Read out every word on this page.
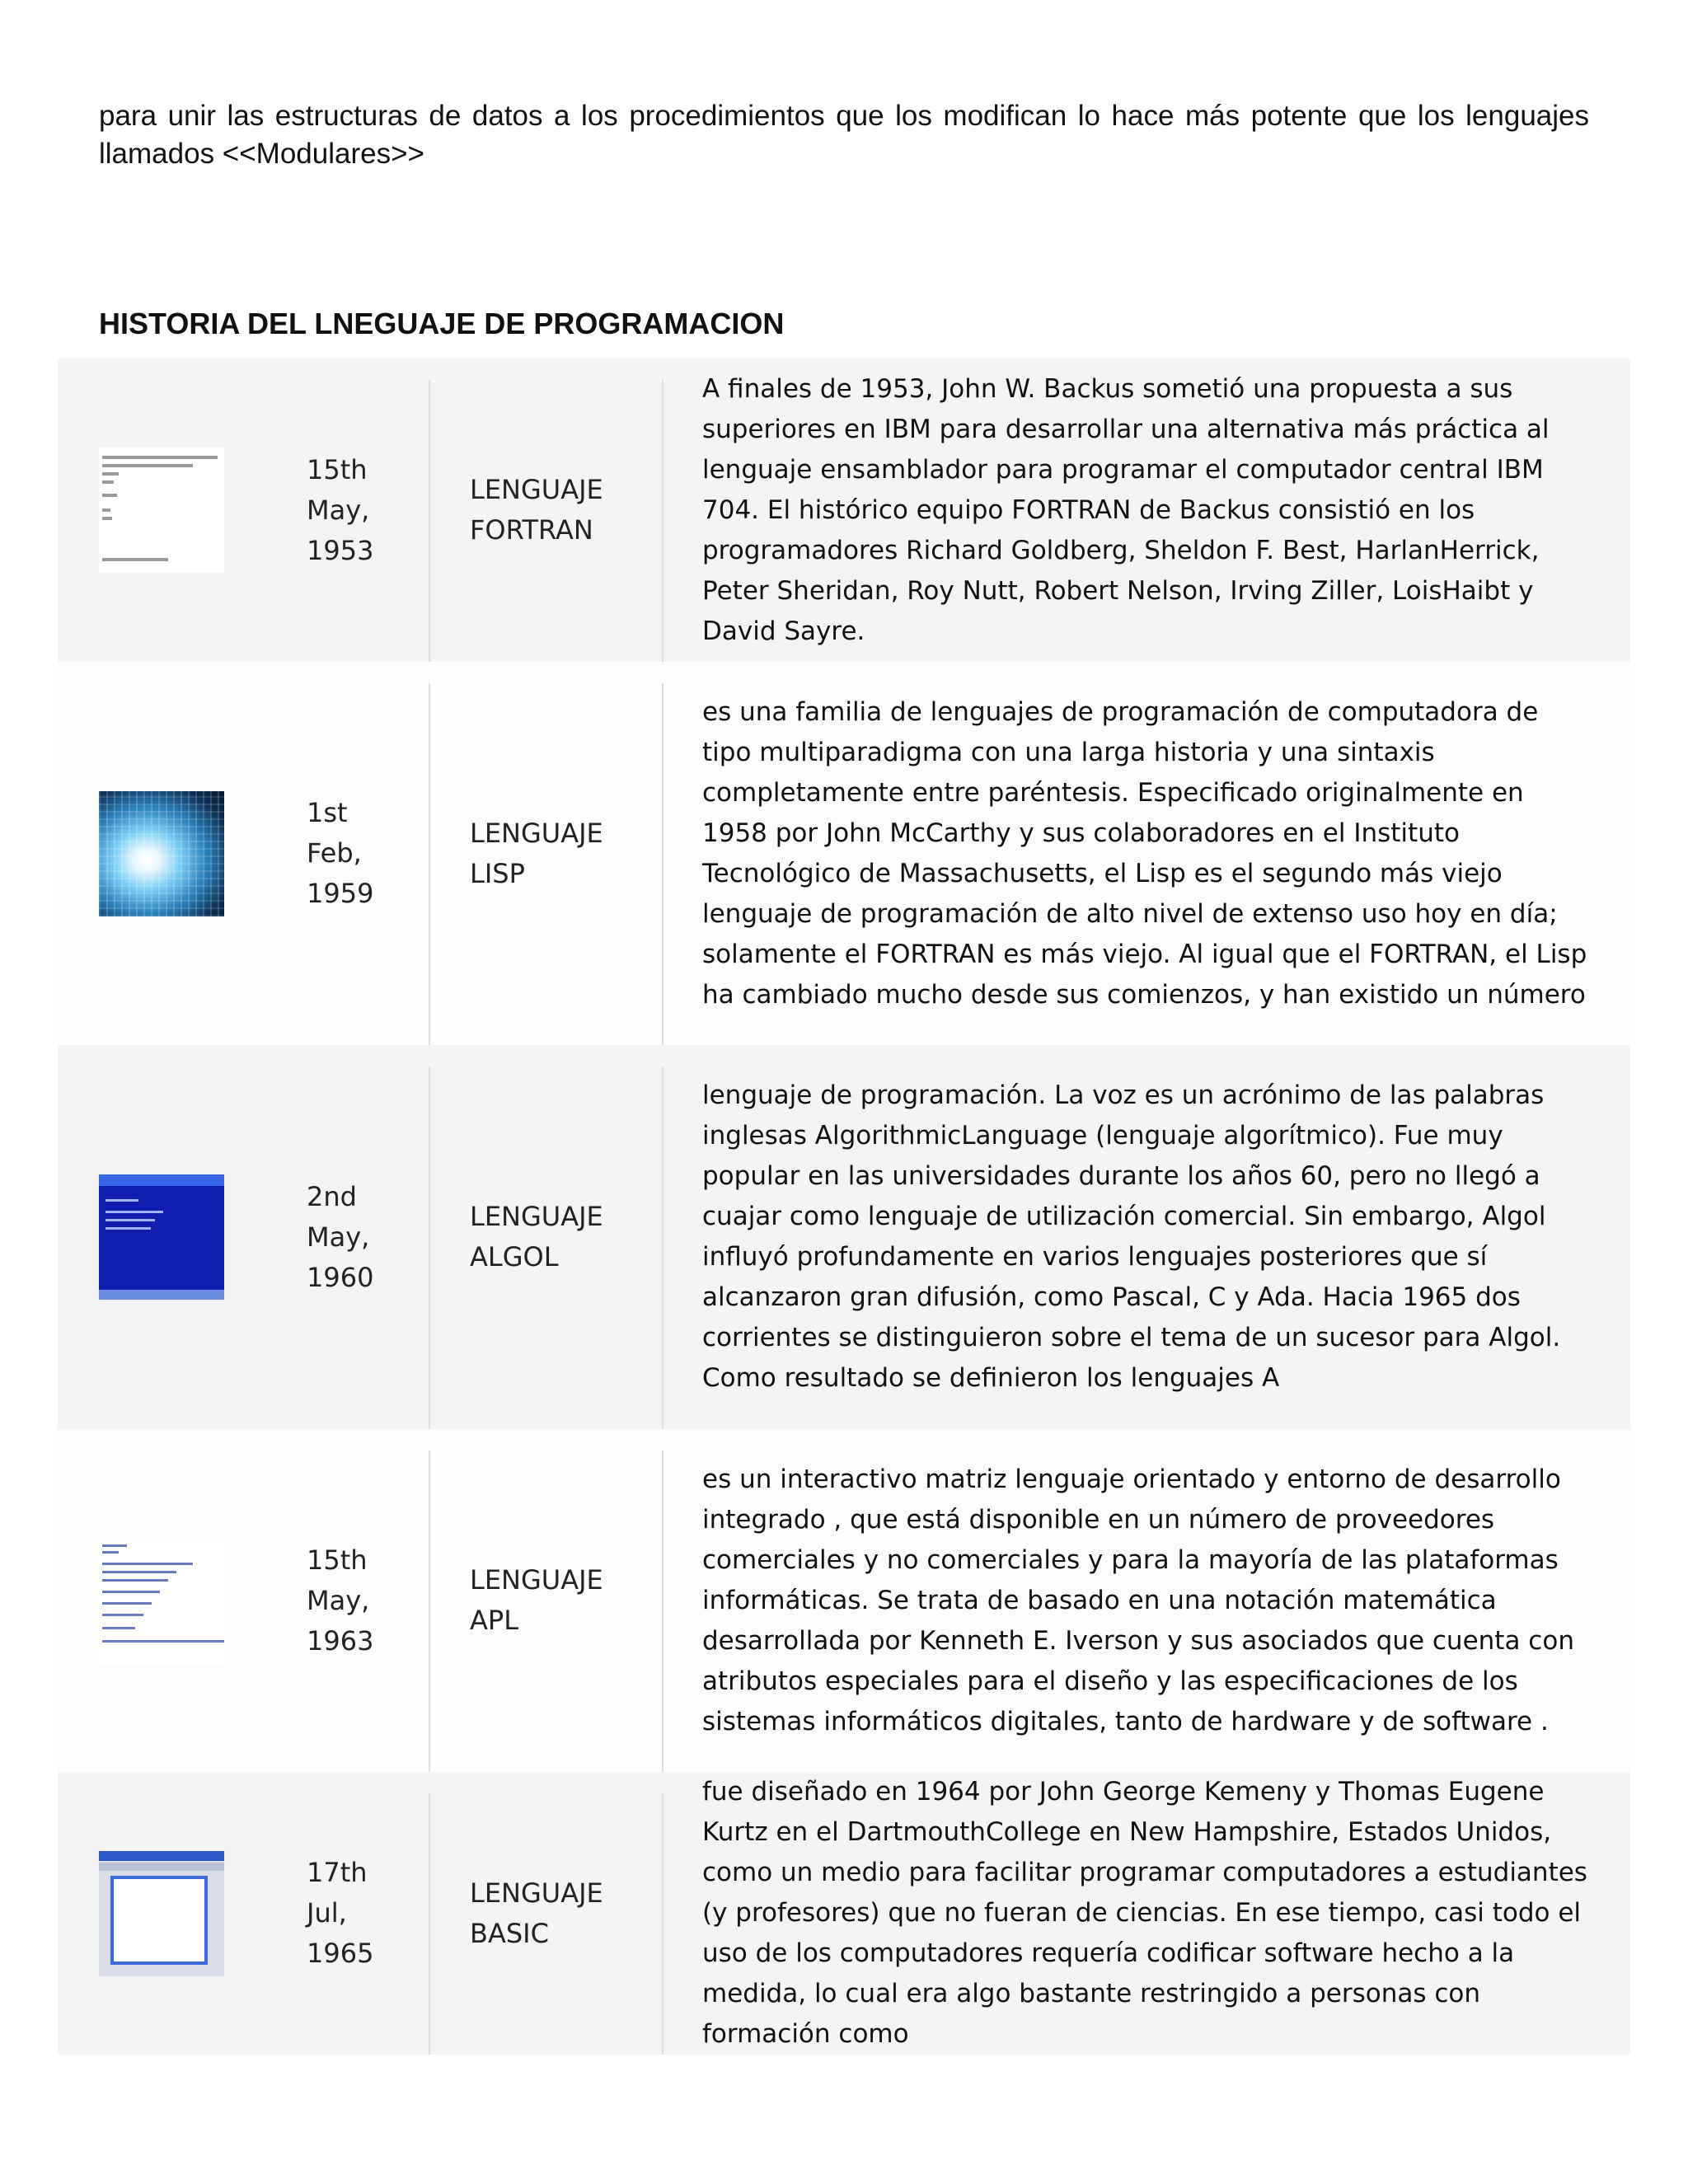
para unir las estructuras de datos a los procedimientos que los modifican lo hace más potente que los lenguajes llamados <<Modulares>>
HISTORIA DEL LNEGUAJE DE PROGRAMACION
15th
May,
1953
LENGUAJE
FORTRAN
A finales de 1953, John W. Backus sometió una propuesta a sus superiores en IBM para desarrollar una alternativa más práctica al lenguaje ensamblador para programar el computador central IBM 704. El histórico equipo FORTRAN de Backus consistió en los programadores Richard Goldberg, Sheldon F. Best, HarlanHerrick, Peter Sheridan, Roy Nutt, Robert Nelson, Irving Ziller, LoisHaibt y David Sayre.
1st
Feb,
1959
LENGUAJE
LISP
es una familia de lenguajes de programación de computadora de tipo multiparadigma con una larga historia y una sintaxis completamente entre paréntesis. Especificado originalmente en 1958 por John McCarthy y sus colaboradores en el Instituto Tecnológico de Massachusetts, el Lisp es el segundo más viejo lenguaje de programación de alto nivel de extenso uso hoy en día; solamente el FORTRAN es más viejo. Al igual que el FORTRAN, el Lisp ha cambiado mucho desde sus comienzos, y han existido un número
2nd
May,
1960
LENGUAJE
ALGOL
lenguaje de programación. La voz es un acrónimo de las palabras inglesas AlgorithmicLanguage (lenguaje algorítmico). Fue muy popular en las universidades durante los años 60, pero no llegó a cuajar como lenguaje de utilización comercial. Sin embargo, Algol influyó profundamente en varios lenguajes posteriores que sí alcanzaron gran difusión, como Pascal, C y Ada. Hacia 1965 dos corrientes se distinguieron sobre el tema de un sucesor para Algol. Como resultado se definieron los lenguajes A
15th
May,
1963
LENGUAJE
APL
es un interactivo matriz lenguaje orientado y entorno de desarrollo integrado , que está disponible en un número de proveedores comerciales y no comerciales y para la mayoría de las plataformas informáticas. Se trata de basado en una notación matemática desarrollada por Kenneth E. Iverson y sus asociados que cuenta con atributos especiales para el diseño y las especificaciones de los sistemas informáticos digitales, tanto de hardware y de software .
17th
Jul,
1965
LENGUAJE
BASIC
fue diseñado en 1964 por John George Kemeny y Thomas Eugene Kurtz en el DartmouthCollege en New Hampshire, Estados Unidos, como un medio para facilitar programar computadores a estudiantes (y profesores) que no fueran de ciencias. En ese tiempo, casi todo el uso de los computadores requería codificar software hecho a la medida, lo cual era algo bastante restringido a personas con formación como
